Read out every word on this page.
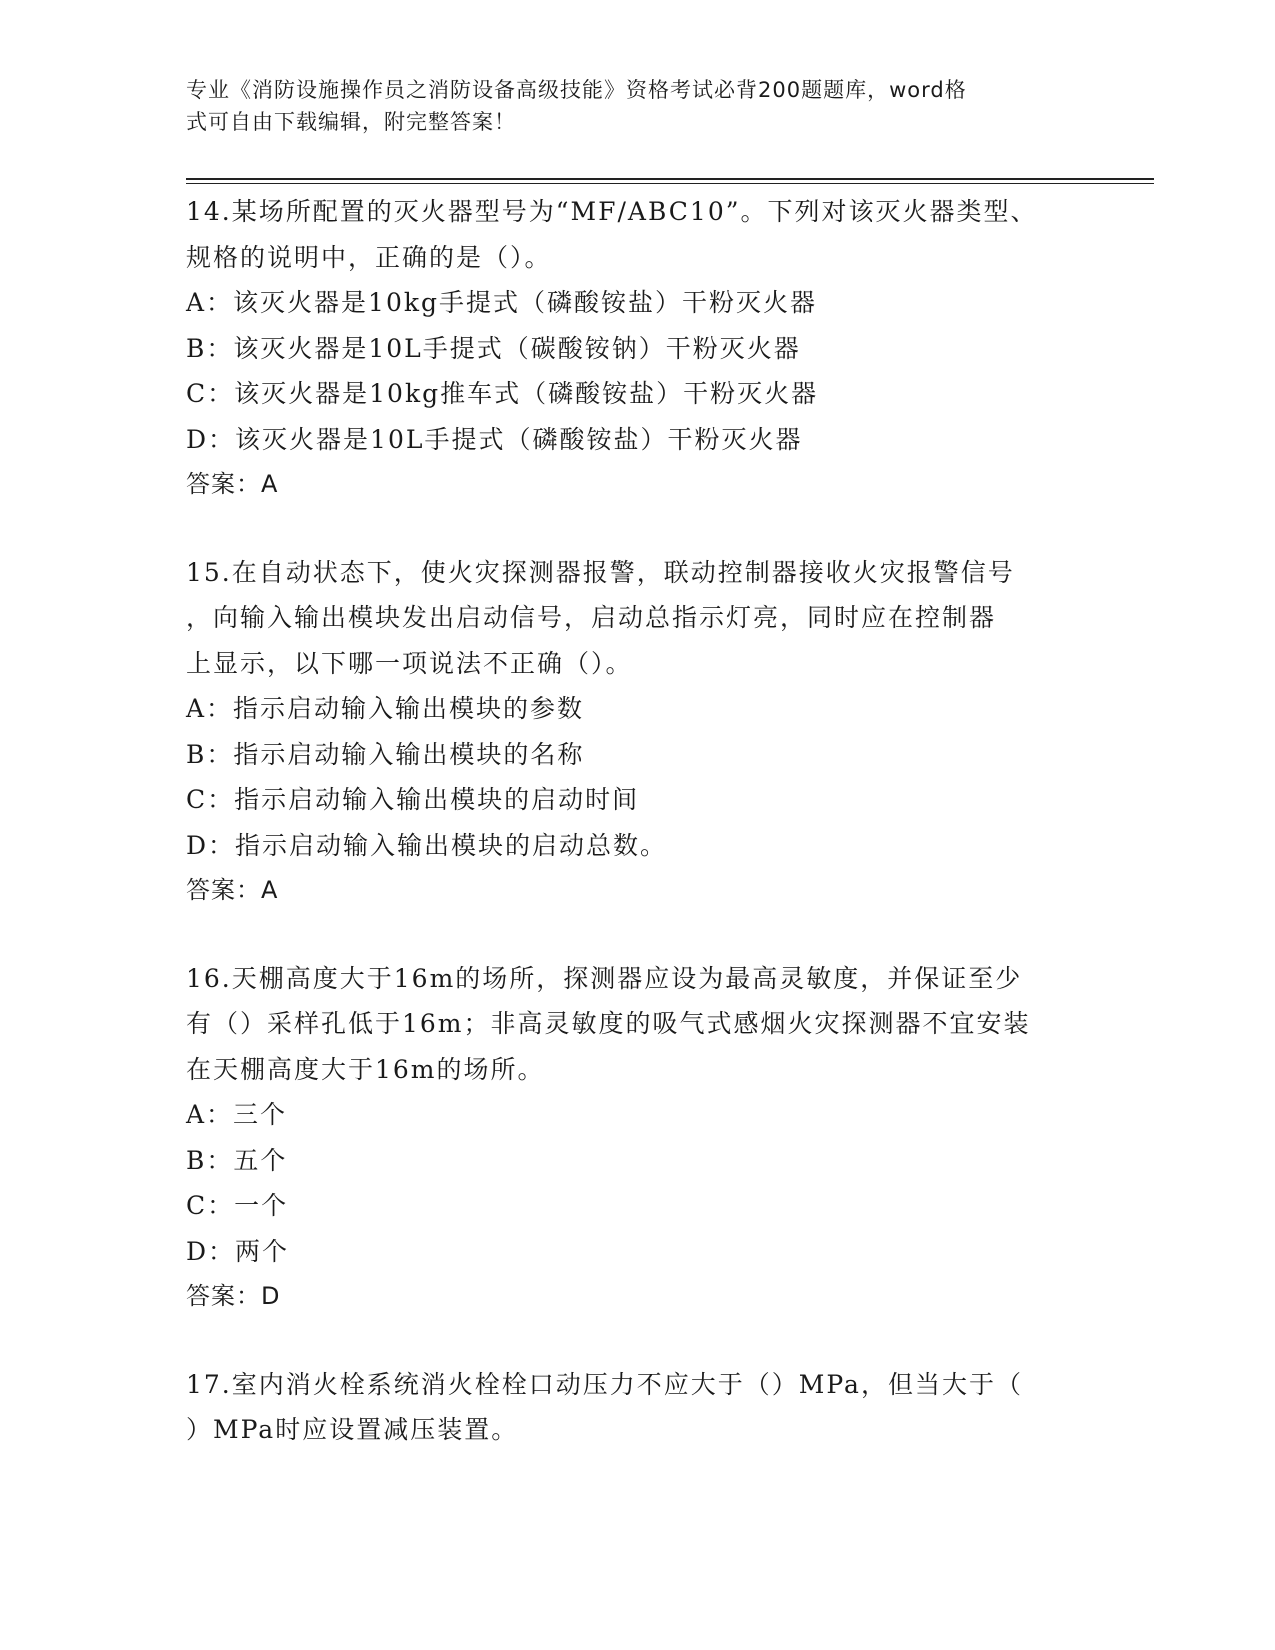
专业《消防设施操作员之消防设备高级技能》资格考试必背200题题库，word格
式可自由下载编辑，附完整答案！
14.某场所配置的灭火器型号为“MF/ABC10”。下列对该灭火器类型、
规格的说明中，正确的是（）。
A：该灭火器是10kg手提式（磷酸铵盐）干粉灭火器
B：该灭火器是10L手提式（碳酸铵钠）干粉灭火器
C：该灭火器是10kg推车式（磷酸铵盐）干粉灭火器
D：该灭火器是10L手提式（磷酸铵盐）干粉灭火器
答案：A
15.在自动状态下，使火灾探测器报警，联动控制器接收火灾报警信号
，向输入输出模块发出启动信号，启动总指示灯亮，同时应在控制器
上显示，以下哪一项说法不正确（）。
A：指示启动输入输出模块的参数
B：指示启动输入输出模块的名称
C：指示启动输入输出模块的启动时间
D：指示启动输入输出模块的启动总数。
答案：A
16.天棚高度大于16m的场所，探测器应设为最高灵敏度，并保证至少
有（）采样孔低于16m；非高灵敏度的吸气式感烟火灾探测器不宜安装
在天棚高度大于16m的场所。
A：三个
B：五个
C：一个
D：两个
答案：D
17.室内消火栓系统消火栓栓口动压力不应大于（）MPa，但当大于（
）MPa时应设置减压装置。
